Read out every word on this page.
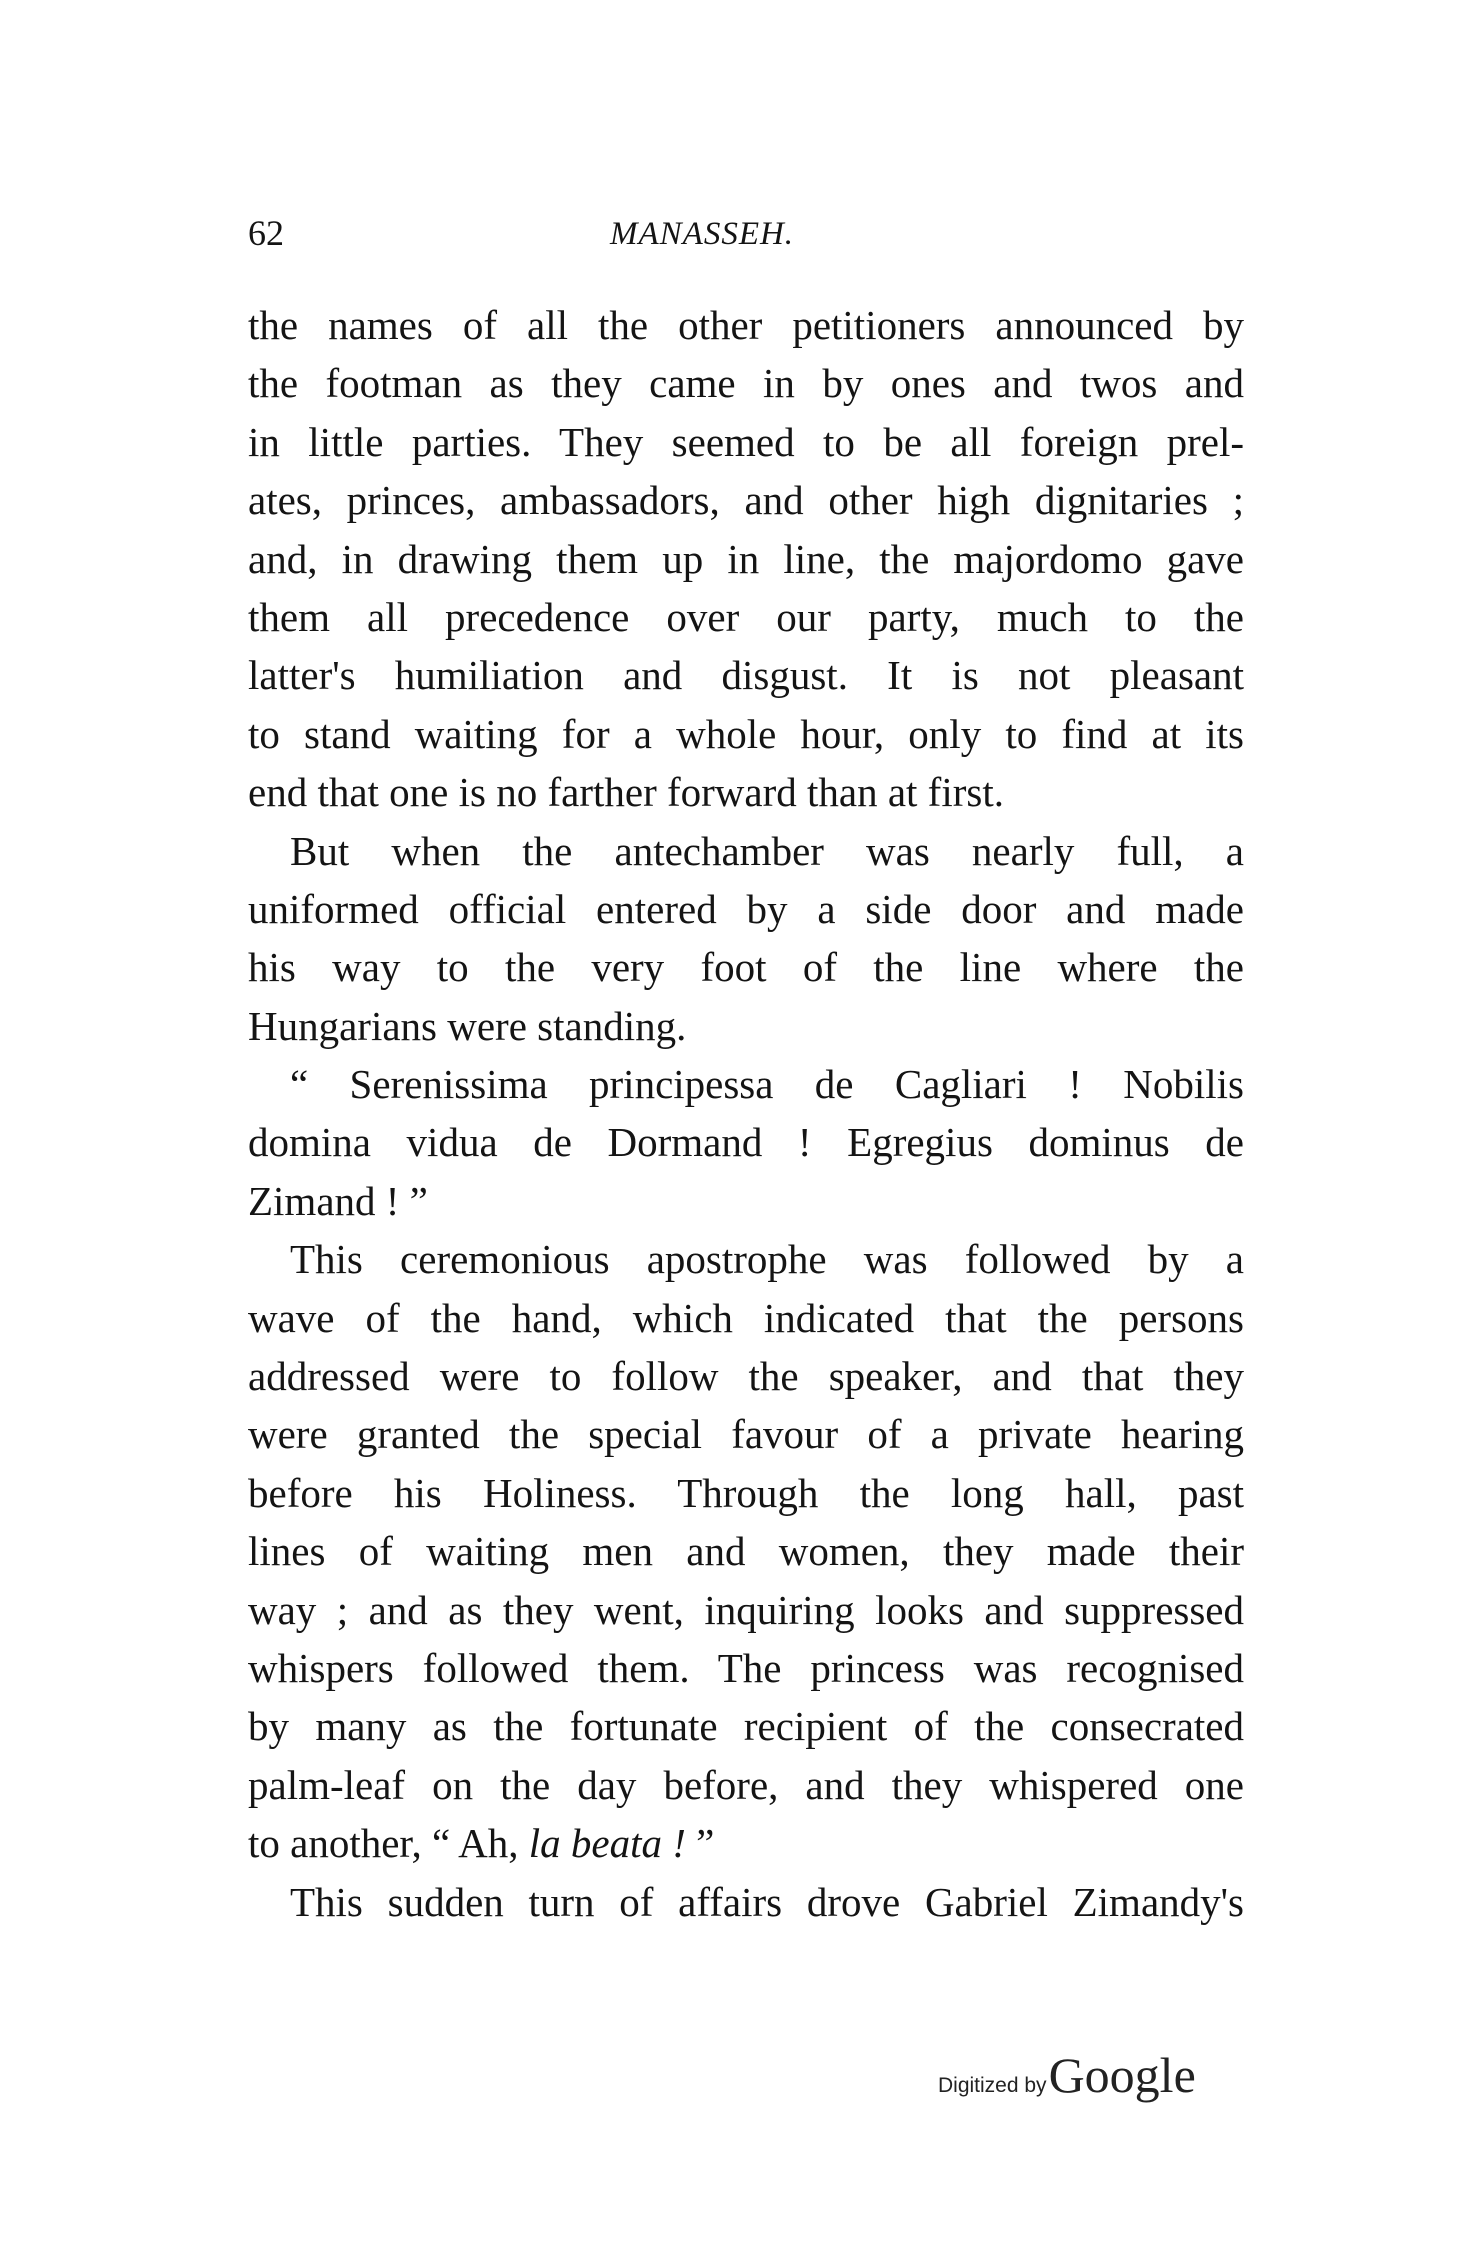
62	MANASSEH.
the names of all the other petitioners announced by
the footman as they came in by ones and twos and
in little parties. They seemed to be all foreign prel-
ates, princes, ambassadors, and other high dignitaries ;
and, in drawing them up in line, the majordomo gave
them all precedence over our party, much to the
latter's humiliation and disgust. It is not pleasant
to stand waiting for a whole hour, only to find at its
end that one is no farther forward than at first.
But when the antechamber was nearly full, a
uniformed official entered by a side door and made
his way to the very foot of the line where the
Hungarians were standing.
“ Serenissima principessa de Cagliari ! Nobilis
domina vidua de Dormand ! Egregius dominus de
Zimand ! ”
This ceremonious apostrophe was followed by a
wave of the hand, which indicated that the persons
addressed were to follow the speaker, and that they
were granted the special favour of a private hearing
before his Holiness. Through the long hall, past
lines of waiting men and women, they made their
way ; and as they went, inquiring looks and suppressed
whispers followed them. The princess was recognised
by many as the fortunate recipient of the consecrated
palm-leaf on the day before, and they whispered one
to another, “ Ah, la beata ! ”
This sudden turn of affairs drove Gabriel Zimandy's
Digitized byGoogle
